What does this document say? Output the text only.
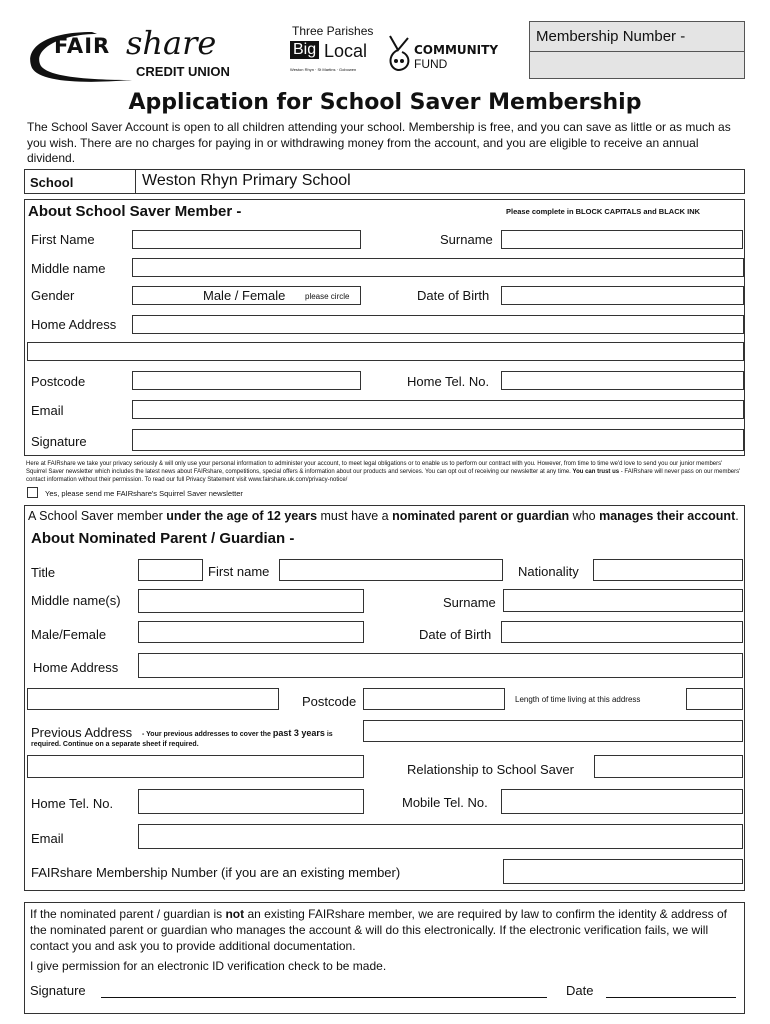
FAIR share
CREDIT UNION
Three Parishes
Big Local
Weston Rhyn · St Martins · Gobowen
COMMUNITY
FUND
Membership Number -
Application for School Saver Membership
The School Saver Account is open to all children attending your school. Membership is free, and you can save as little or as much as you wish. There are no charges for paying in or withdrawing money from the account, and you are eligible to receive an annual dividend.
School	Weston Rhyn Primary School
About School Saver Member -	Please complete in BLOCK CAPITALS and BLACK INK
First Name	Surname
Middle name
Gender	Male / Female please circle	Date of Birth
Home Address
Postcode	Home Tel. No.
Email
Signature
Here at FAIRshare we take your privacy seriously & will only use your personal information to administer your account, to meet legal obligations or to enable us to perform our contract with you. However, from time to time we'd love to send you our junior members' Squirrel Saver newsletter which includes the latest news about FAIRshare, competitions, special offers & information about our products and services. You can opt out of receiving our newsletter at any time. You can trust us - FAIRshare will never pass on our members' contact information without their permission. To read our full Privacy Statement visit www.fairshare.uk.com/privacy-notice/
Yes, please send me FAIRshare's Squirrel Saver newsletter
A School Saver member under the age of 12 years must have a nominated parent or guardian who manages their account.
About Nominated Parent / Guardian -
Title	First name	Nationality
Middle name(s)	Surname
Male/Female	Date of Birth
Home Address
Postcode	Length of time living at this address
Previous Address - Your previous addresses to cover the past 3 years is
required. Continue on a separate sheet if required.
Relationship to School Saver
Home Tel. No.	Mobile Tel. No.
Email
FAIRshare Membership Number (if you are an existing member)
If the nominated parent / guardian is not an existing FAIRshare member, we are required by law to confirm the identity & address of the nominated parent or guardian who manages the account & will do this electronically. If the electronic verification fails, we will contact you and ask you to provide additional documentation.
I give permission for an electronic ID verification check to be made.
Signature	Date
